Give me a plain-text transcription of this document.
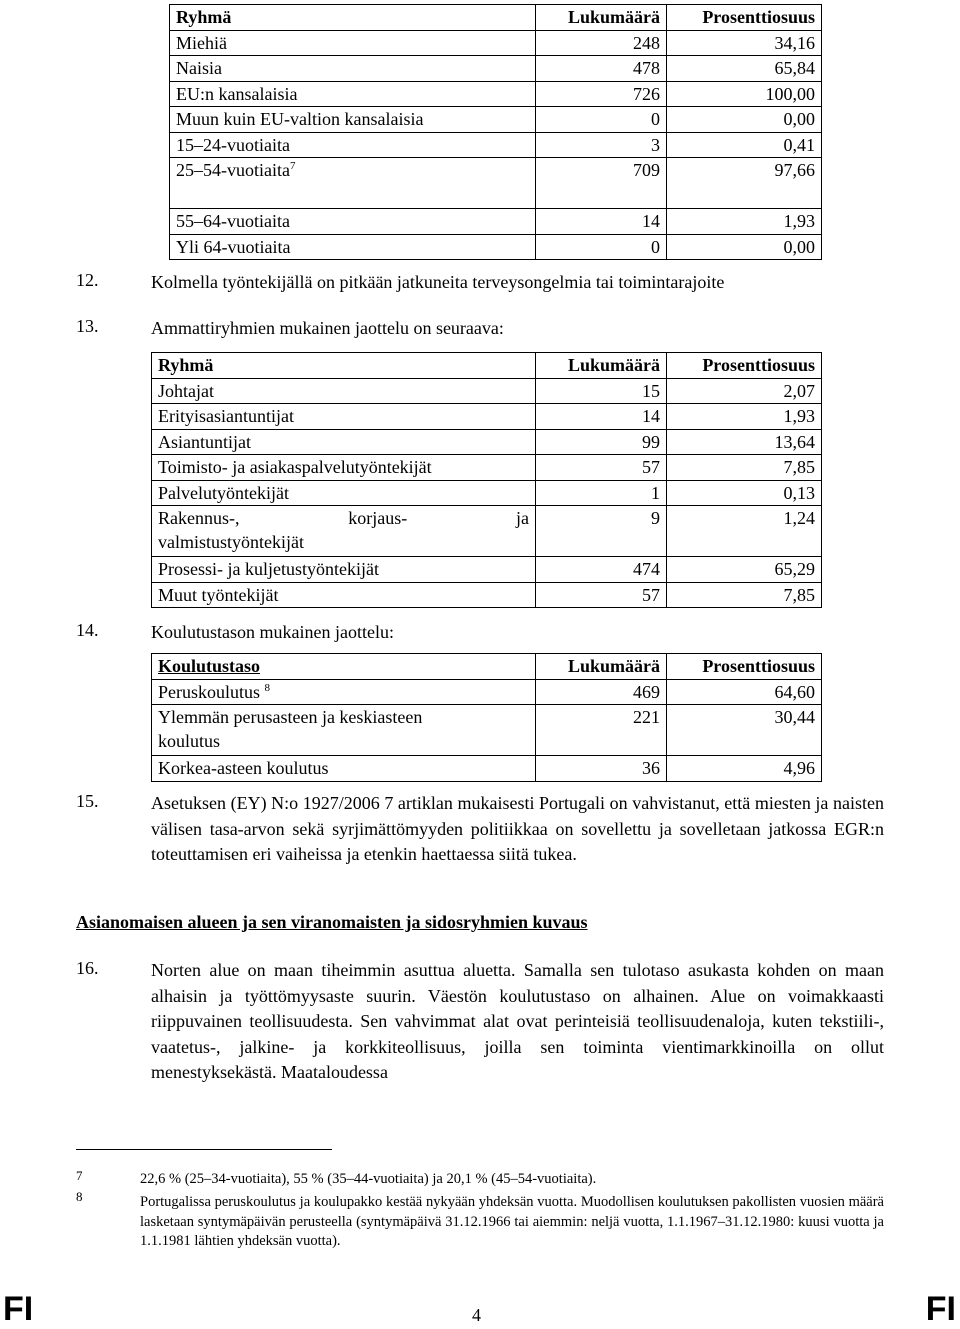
Ryhmä	Lukumäärä	Prosenttiosuus
Miehiä	248	34,16
Naisia	478	65,84
EU:n kansalaisia	726	100,00
Muun kuin EU-valtion kansalaisia	0	0,00
15–24-vuotiaita	3	0,41
25–54-vuotiaita$^7$	709	97,66
55–64-vuotiaita	14	1,93
Yli 64-vuotiaita	0	0,00
12.	Kolmella työntekijällä on pitkään jatkuneita terveysongelmia tai toimintarajoite
13.	Ammattiryhmien mukainen jaottelu on seuraava:
Ryhmä	Lukumäärä	Prosenttiosuus
Johtajat	15	2,07
Erityisasiantuntijat	14	1,93
Asiantuntijat	99	13,64
Toimisto- ja asiakaspalvelutyöntekijät	57	7,85
Palvelutyöntekijät	1	0,13

Rakennus-, korjaus- ja
valmistustyöntekijät	9	1,24
Prosessi- ja kuljetustyöntekijät	474	65,29
Muut työntekijät	57	7,85
14.	Koulutustason mukainen jaottelu:
Koulutustaso	Lukumäärä	Prosenttiosuus
Peruskoulutus $^8$	469	64,60

Ylemmän perusasteen ja keskiasteen
koulutus	221	30,44
Korkea-asteen koulutus	36	4,96
15.	Asetuksen (EY) N:o 1927/2006 7 artiklan mukaisesti Portugali on vahvistanut, että miesten ja naisten välisen tasa-arvon sekä syrjimättömyyden politiikkaa on sovellettu ja sovelletaan jatkossa EGR:n toteuttamisen eri vaiheissa ja etenkin haettaessa siitä tukea.
Asianomaisen alueen ja sen viranomaisten ja sidosryhmien kuvaus
16.	Norten alue on maan tiheimmin asuttua aluetta. Samalla sen tulotaso asukasta kohden on maan alhaisin ja työttömyysaste suurin. Väestön koulutustaso on alhainen. Alue on voimakkaasti riippuvainen teollisuudesta. Sen vahvimmat alat ovat perinteisiä teollisuudenaloja, kuten tekstiili-, vaatetus-, jalkine- ja korkkiteollisuus, joilla sen toiminta vientimarkkinoilla on ollut menestyksekästä. Maataloudessa
7	22,6 % (25–34-vuotiaita), 55 % (35–44-vuotiaita) ja 20,1 % (45–54-vuotiaita).
8	Portugalissa peruskoulutus ja koulupakko kestää nykyään yhdeksän vuotta. Muodollisen koulutuksen pakollisten vuosien määrä lasketaan syntymäpäivän perusteella (syntymäpäivä 31.12.1966 tai aiemmin: neljä vuotta, 1.1.1967–31.12.1980: kuusi vuotta ja 1.1.1981 lähtien yhdeksän vuotta).
FI	4	FI
